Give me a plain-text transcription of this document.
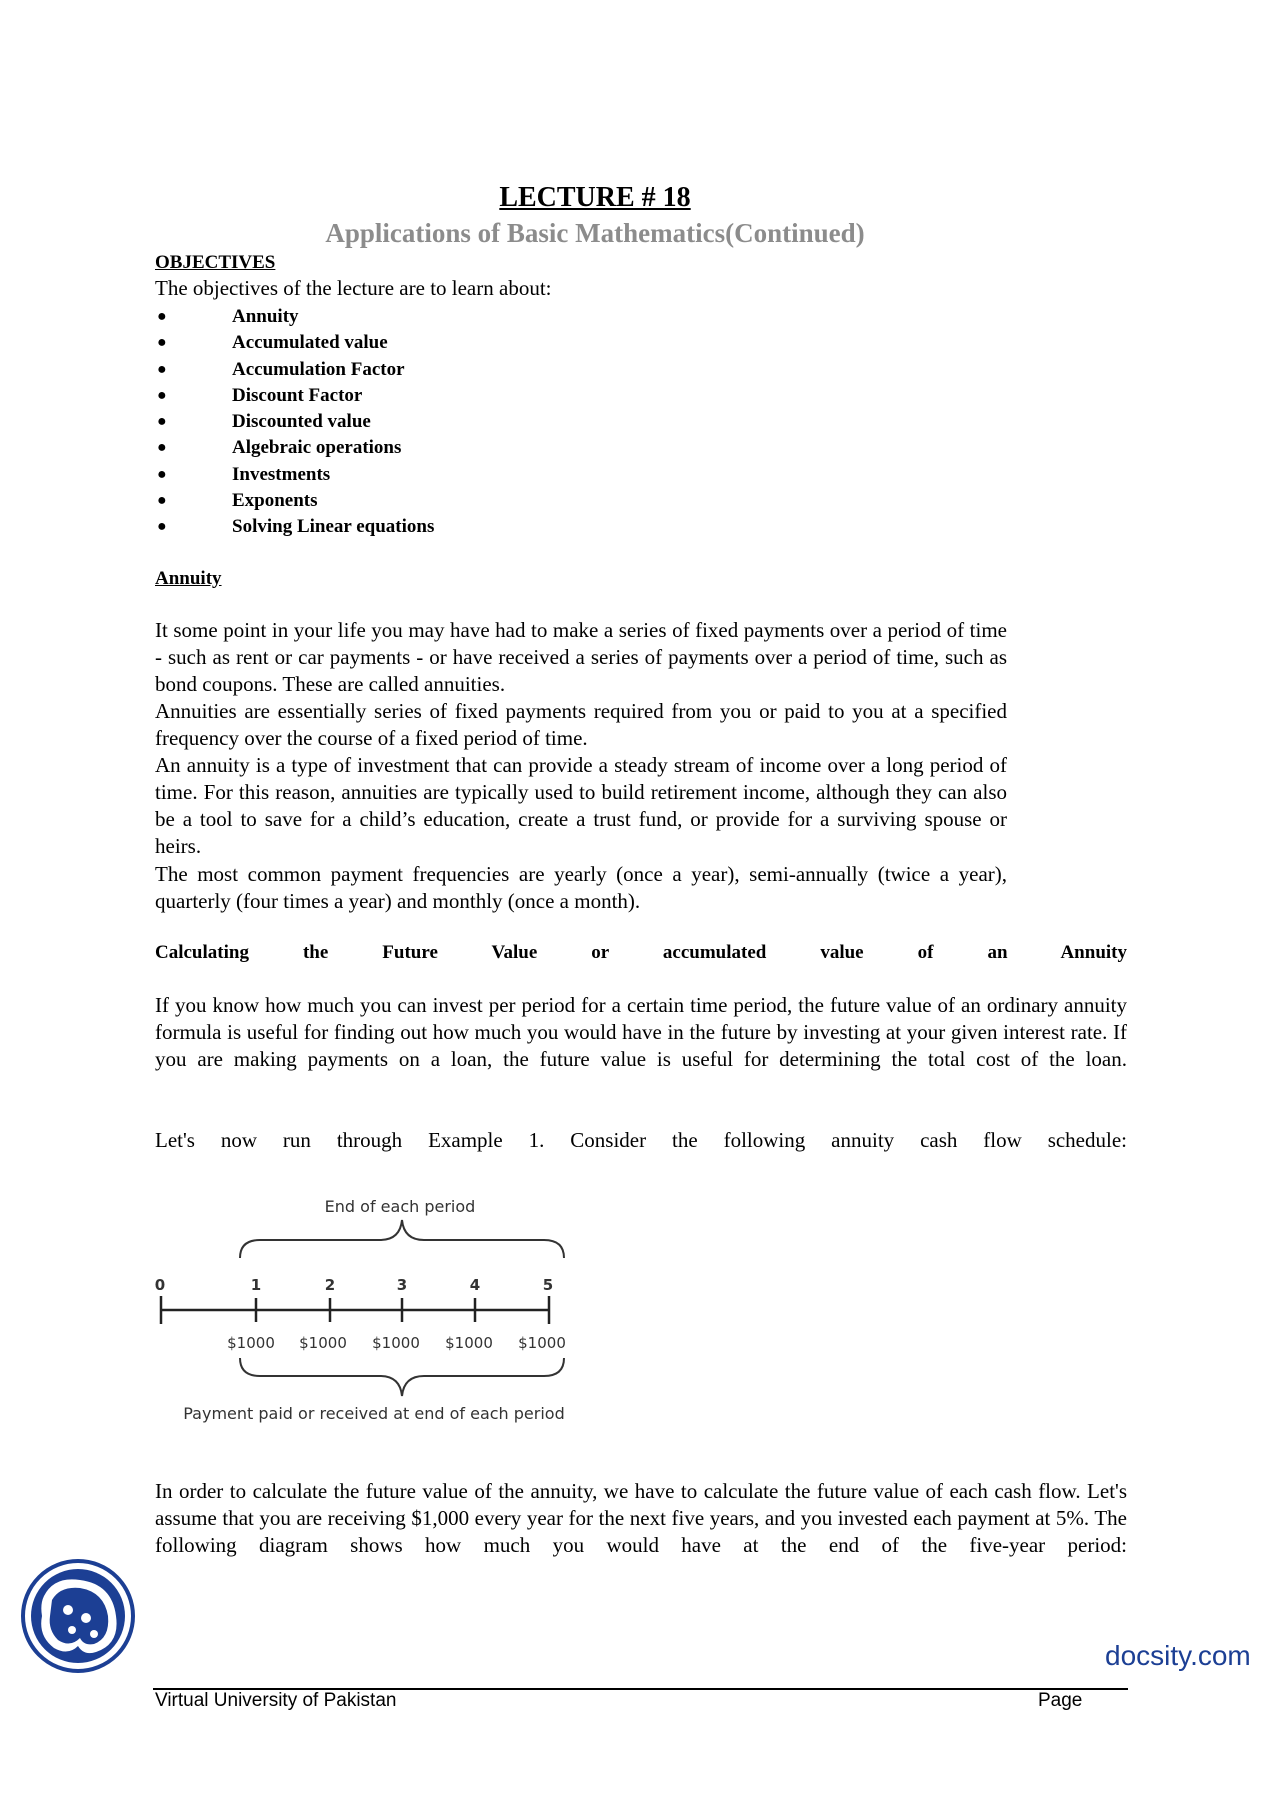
LECTURE # 18
Applications of Basic Mathematics(Continued)
OBJECTIVES
The objectives of the lecture are to learn about:
●	Annuity
●	Accumulated value
●	Accumulation Factor
●	Discount Factor
●	Discounted value
●	Algebraic operations
●	Investments
●	Exponents
●	Solving Linear equations
Annuity

It some point in your life you may have had to make a series of fixed payments over a period of time - such as rent or car payments - or have received a series of payments over a period of time, such as bond coupons. These are called annuities.

Annuities are essentially series of fixed payments required from you or paid to you at a specified frequency over the course of a fixed period of time.

An annuity is a type of investment that can provide a steady stream of income over a long period of time. For this reason, annuities are typically used to build retirement income, although they can also be a tool to save for a child’s education, create a trust fund, or provide for a surviving spouse or heirs.

The most common payment frequencies are yearly (once a year), semi-annually (twice a year), quarterly (four times a year) and monthly (once a month).

Calculating the Future Value or accumulated value of an Annuity

If you know how much you can invest per period for a certain time period, the future value of an ordinary annuity formula is useful for finding out how much you would have in the future by investing at your given interest rate. If you are making payments on a loan, the future value is useful for determining the total cost of the loan.

Let's now run through Example 1. Consider the following annuity cash flow schedule:

End of each period
0	1	2	3	4	5
$1000 $1000 $1000 $1000 $1000
Payment paid or received at end of each period

In order to calculate the future value of the annuity, we have to calculate the future value of each cash flow. Let's assume that you are receiving $1,000 every year for the next five years, and you invested each payment at 5%. The following diagram shows how much you would have at the end of the five-year period:

docsity.com
Virtual University of Pakistan	Page
